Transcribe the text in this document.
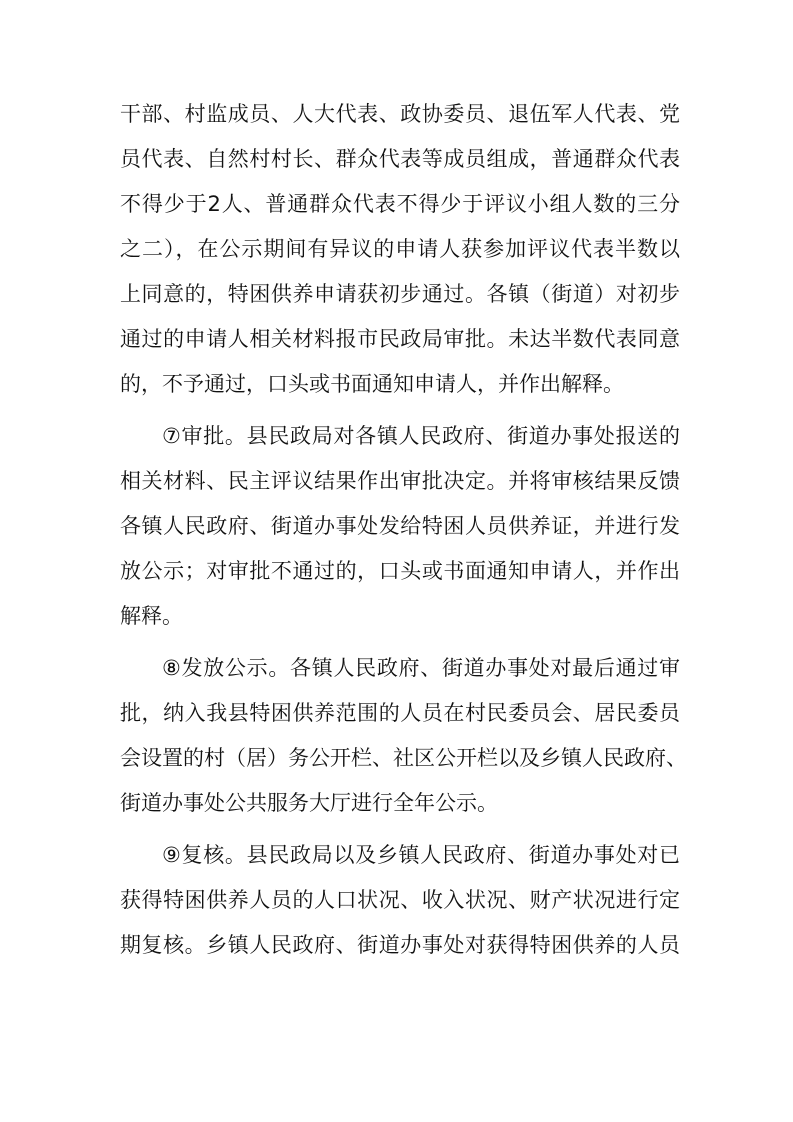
干部、村监成员、人大代表、政协委员、退伍军人代表、党
员代表、自然村村长、群众代表等成员组成，普通群众代表
不得少于2人、普通群众代表不得少于评议小组人数的三分
之二），在公示期间有异议的申请人获参加评议代表半数以
上同意的，特困供养申请获初步通过。各镇（街道）对初步
通过的申请人相关材料报市民政局审批。未达半数代表同意
的，不予通过，口头或书面通知申请人，并作出解释。
⑦审批。县民政局对各镇人民政府、街道办事处报送的
相关材料、民主评议结果作出审批决定。并将审核结果反馈
各镇人民政府、街道办事处发给特困人员供养证，并进行发
放公示；对审批不通过的，口头或书面通知申请人，并作出
解释。
⑧发放公示。各镇人民政府、街道办事处对最后通过审
批，纳入我县特困供养范围的人员在村民委员会、居民委员
会设置的村（居）务公开栏、社区公开栏以及乡镇人民政府、
街道办事处公共服务大厅进行全年公示。
⑨复核。县民政局以及乡镇人民政府、街道办事处对已
获得特困供养人员的人口状况、收入状况、财产状况进行定
期复核。乡镇人民政府、街道办事处对获得特困供养的人员
